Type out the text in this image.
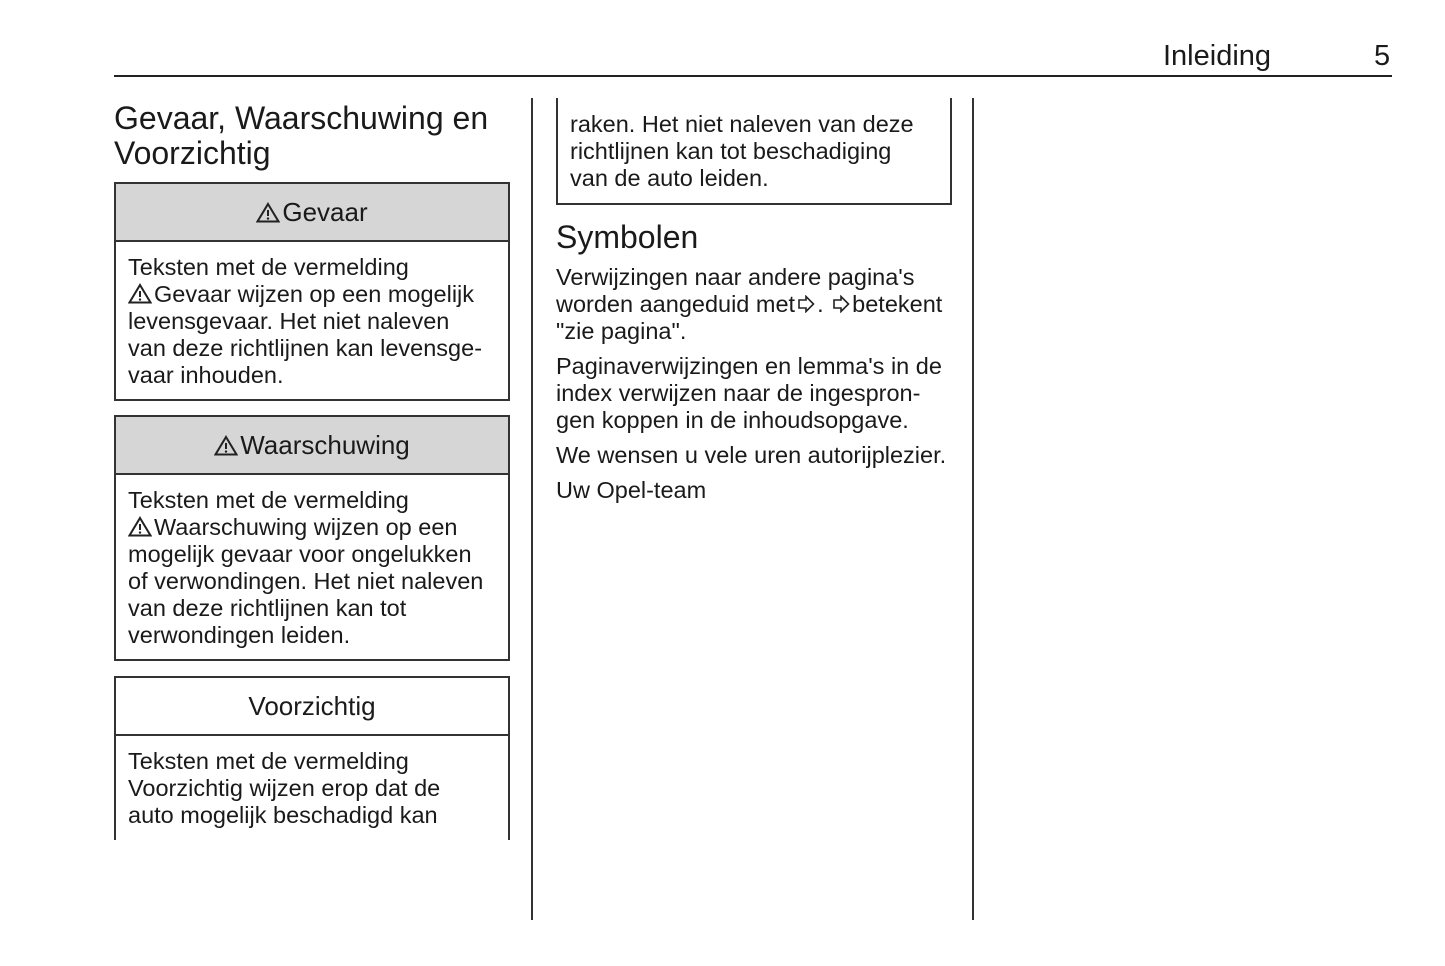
Inleiding	5
Gevaar, Waarschuwing en
Voorzichtig
Gevaar
Teksten met de vermelding
Gevaar wijzen op een mogelijk
levensgevaar. Het niet naleven
van deze richtlijnen kan levensge-
vaar inhouden.
Waarschuwing
Teksten met de vermelding
Waarschuwing wijzen op een
mogelijk gevaar voor ongelukken
of verwondingen. Het niet naleven
van deze richtlijnen kan tot
verwondingen leiden.
Voorzichtig
Teksten met de vermelding
Voorzichtig wijzen erop dat de
auto mogelijk beschadigd kan
raken. Het niet naleven van deze
richtlijnen kan tot beschadiging
van de auto leiden.
Symbolen
Verwijzingen naar andere pagina's
worden aangeduid met . betekent
"zie pagina".
Paginaverwijzingen en lemma's in de
index verwijzen naar de ingespron-
gen koppen in de inhoudsopgave.
We wensen u vele uren autorijplezier.
Uw Opel-team
